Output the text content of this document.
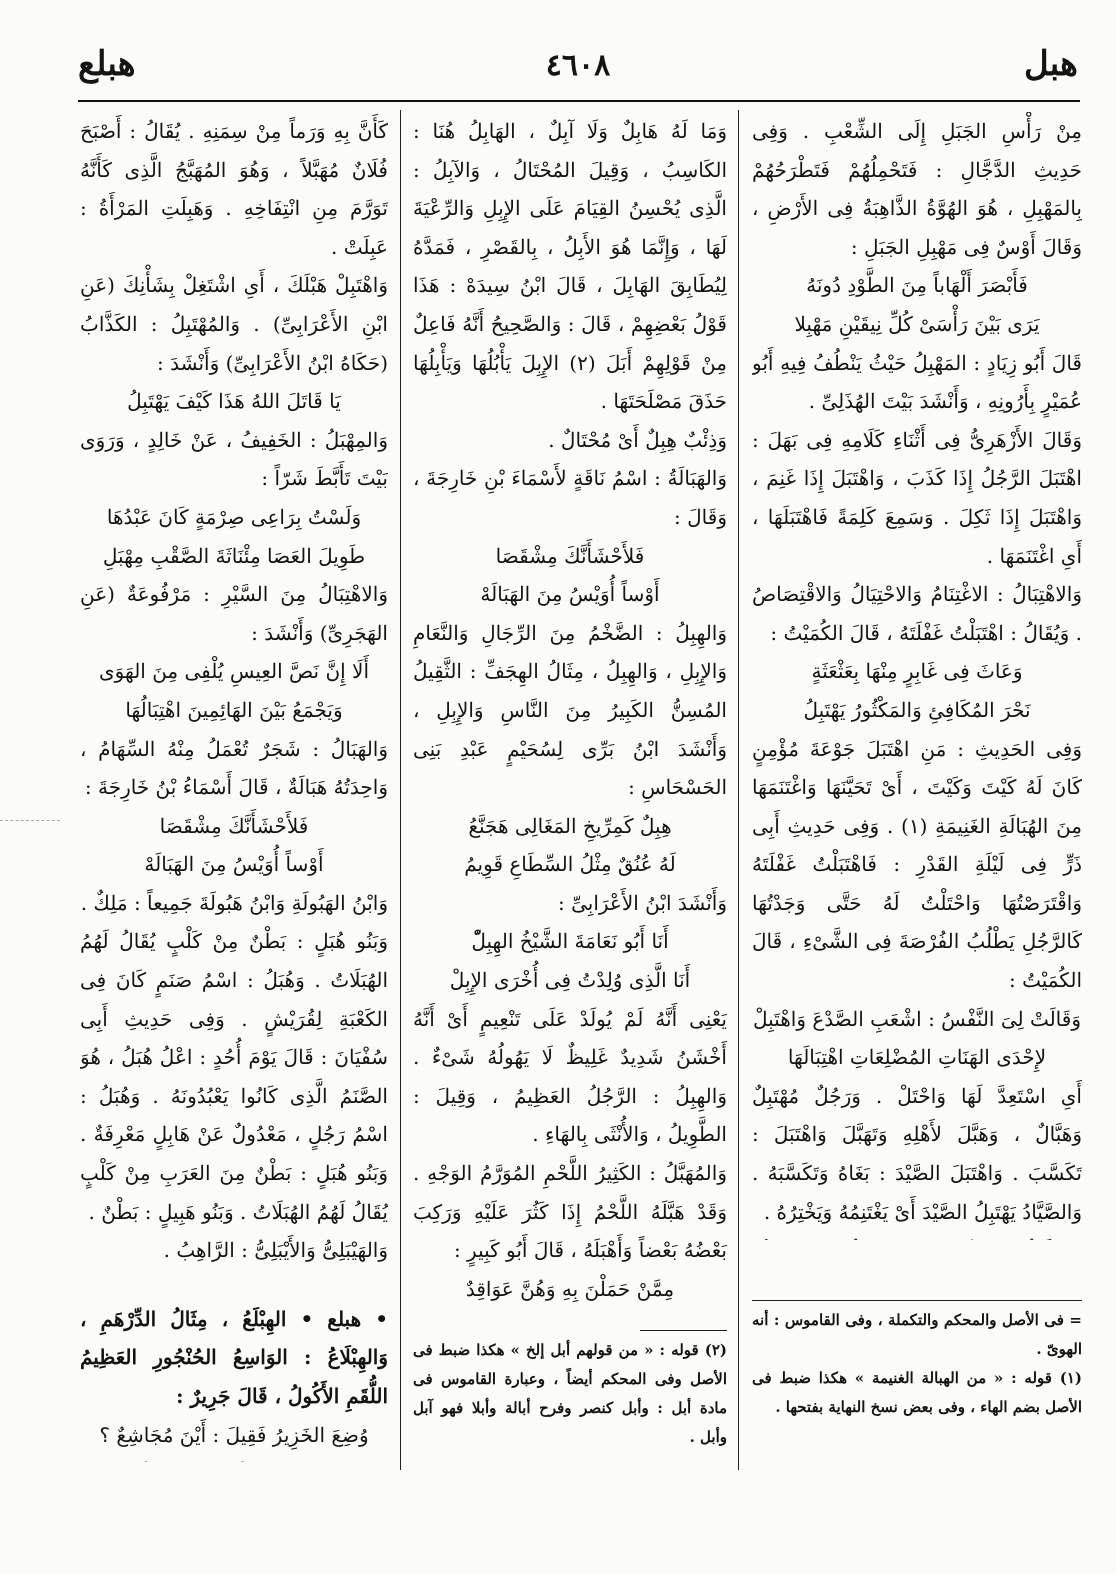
هبل
٤٦٠٨
هبلع

مِنْ رَأْسِ الجَبَلِ إِلَى الشِّعْبِ . وَفِى حَدِيثِ الدَّجَّالِ : فَتَحْمِلُهُمْ فَتَطْرَحُهُمْ بِالمَهْبِلِ ، هُوَ الهُوَّةُ الذَّاهِبَةُ فِى الأَرْضِ ، وَقَالَ أَوْسٌ فِى مَهْبِلِ الجَبَلِ :

فَأَبْصَرَ أَلْهَاباً مِنَ الطَّوْدِ دُونَهُ

يَرَى بَيْنَ رَأْسَىْ كُلِّ نِيقَيْنِ مَهْبِلا

قَالَ أَبُو زِيَادٍ : المَهْبِلُ حَيْثُ يَنْطُفُ فِيهِ أَبُو عُمَيْرٍ بِأَرُونِهِ ، وَأَنْشَدَ بَيْتَ الهُذَلِىِّ .

وَقَالَ الأَزْهَرِىُّ فِى أَثْنَاءِ كَلَامِهِ فِى بَهَلَ : اهْتَبَلَ الرَّجُلُ إِذَا كَذَبَ ، وَاهْتَبَلَ إِذَا غَنِمَ ، وَاهْتَبَلَ إِذَا ثَكِلَ . وَسَمِعَ كَلِمَةً فَاهْتَبَلَهَا ، أَىِ اغْتَنَمَهَا .

وَالاهْتِبَالُ : الاغْتِنَامُ وَالاحْتِيَالُ وَالاقْتِصَاصُ . وَيُقَالُ : اهْتَبَلْتُ غَفْلَتَهُ ، قَالَ الكُمَيْتُ :

وَعَاثَ فِى غَابِرٍ مِنْهَا بِعَثْعَثَةٍ

نَحْرَ المُكَافِئِ وَالمَكْثُورُ يَهْتَبِلُ

وَفِى الحَدِيثِ : مَنِ اهْتَبَلَ جَوْعَةَ مُؤْمِنٍ كَانَ لَهُ كَيْتَ وَكَيْتَ ، أَىْ تَحَيَّنَهَا وَاغْتَنَمَهَا مِنَ الهُبَالَةِ الغَنِيمَةِ (١) . وَفِى حَدِيثِ أَبِى ذَرٍّ فِى لَيْلَةِ القَدْرِ : فَاهْتَبَلْتُ غَفْلَتَهُ وَاقْتَرَصْتُهَا وَاحْتَلْتُ لَهُ حَتَّى وَجَدْتُهَا كَالرَّجُلِ يَطْلُبُ الفُرْصَةَ فِى الشَّىْءِ ، قَالَ الكُمَيْتُ :

وَقَالَتْ لِىَ النَّفْسُ : اشْعَبِ الصَّدْعَ وَاهْتَبِلْ

لإِحْدَى الهَنَاتِ المُضْلِعَاتِ اهْتِبَالَهَا

أَىِ اسْتَعِدَّ لَهَا وَاحْتَلْ . وَرَجُلٌ مُهْتَبِلٌ وَهَبَّالٌ ، وَهَبَّلَ لأَهْلِهِ وَتَهَبَّلَ وَاهْتَبَلَ : تَكَسَّبَ . وَاهْتَبَلَ الصَّيْدَ : بَغَاهُ وَتَكَسَّبَهُ . وَالصَّيَّادُ يَهْتَبِلُ الصَّيْدَ أَىْ يَغْتَنِمُهُ وَيَخْتِرُهُ .

= فى الأصل والمحكم والتكملة ، وفى القاموس : أنه الهوىّ .

(١) قوله : « من الهبالة الغنيمة » هكذا ضبط فى الأصل بضم الهاء ، وفى بعض نسخ النهاية بفتحها .

وَمَا لَهُ هَابِلٌ وَلَا آبِلٌ ، الهَابِلُ هُنَا : الكَاسِبُ ، وَقِيلَ المُحْتَالُ ، وَالآبِلُ : الَّذِى يُحْسِنُ القِيَامَ عَلَى الإِبِلِ وَالرِّعْيَةَ لَهَا ، وَإِنَّمَا هُوَ الأَبِلُ ، بِالقَصْرِ ، فَمَدَّهُ لِيُطَابِقَ الهَابِلَ ، قَالَ ابْنُ سِيدَهْ : هَذَا قَوْلُ بَعْضِهِمْ ، قَالَ : وَالصَّحِيحُ أَنَّهُ فَاعِلٌ مِنْ قَوْلِهِمْ أَبَلَ (٢) الإِبِلَ يَأْبُلُهَا وَيَأْبِلُهَا حَذَقَ مَصْلَحَتَهَا .

وَذِئْبٌ هِبِلٌ أَىْ مُحْتَالٌ .

وَالهَبَالَةُ : اسْمُ نَاقَةٍ لأَسْمَاءَ بْنِ خَارِجَةَ ، وَقَالَ :

فَلأَحْشَأَنَّكَ مِشْقَصَا

أَوْساً أُوَيْسُ مِنَ الهَبَالَهْ

وَالهِبِلُ : الضَّخْمُ مِنَ الرِّجَالِ وَالنَّعَامِ وَالإِبِلِ ، وَالهِبِلُ ، مِثَالُ الهِجَفِّ : الثَّقِيلُ المُسِنُّ الكَبِيرُ مِنَ النَّاسِ وَالإِبِلِ ، وَأَنْشَدَ ابْنُ بَرِّى لِسُحَيْمٍ عَبْدِ بَنِى الحَسْحَاسِ :

هِبِلٌ كَمِرِّيخِ المَغَالِى هَجَنَّعُ

لَهُ عُنُقٌ مِثْلُ السِّطَاعِ قَوِيمُ

وَأَنْشَدَ ابْنُ الأَعْرَابِىِّ :

أَنَا أَبُو نَعَامَةَ الشَّيْخُ الهِبِلّْ

أَنَا الَّذِى وُلِدْتُ فِى أُخْرَى الإِبِلْ

يَعْنِى أَنَّهُ لَمْ يُولَدْ عَلَى تَنْعِيمٍ أَىْ أَنَّهُ أَخْشَنُ شَدِيدٌ غَلِيظٌ لَا يَهُولُهُ شَىْءٌ . وَالهِبِلُ : الرَّجُلُ العَظِيمُ ، وَقِيلَ : الطَّوِيلُ ، وَالأُنْثَى بِالهَاءِ .

وَالمُهَبَّلُ : الكَثِيرُ اللَّحْمِ المُوَرَّمُ الوَجْهِ . وَقَدْ هَبَّلَهُ اللَّحْمُ إِذَا كَثُرَ عَلَيْهِ وَرَكِبَ بَعْضُهُ بَعْضاً وَأَهْبَلَهُ ، قَالَ أَبُو كَبِيرٍ :

مِمَّنْ حَمَلْنَ بِهِ وَهُنَّ عَوَاقِدٌ

(٢) قوله : « من قولهم أبل إلخ » هكذا ضبط فى الأصل وفى المحكم أيضاً ، وعبارة القاموس فى مادة أبل : وأبل كنصر وفرح أبالة وأبلا فهو آبل وأبل .

كَأَنَّ بِهِ وَرَماً مِنْ سِمَنِهِ . يُقَالُ : أَصْبَحَ فُلَانٌ مُهَبَّلاً ، وَهُوَ المُهَبَّجُ الَّذِى كَأَنَّهُ تَوَرَّمَ مِنِ انْتِفَاخِهِ . وَهَبِلَتِ المَرْأَةُ : عَبِلَتْ .

وَاهْتَبِلْ هَبْلَكَ ، أَىِ اشْتَغِلْ بِشَأْنِكَ (عَنِ ابْنِ الأَعْرَابِىِّ) . وَالمُهْتَبِلُ : الكَذَّابُ (حَكَاهُ ابْنُ الأَعْرَابِىِّ) وَأَنْشَدَ :

يَا قَاتَلَ اللهُ هَذَا كَيْفَ يَهْتَبِلُ

وَالمِهْبَلُ : الخَفِيفُ ، عَنْ خَالِدٍ ، وَرَوَى بَيْتَ تَأَبَّطَ شَرّاً :

وَلَسْتُ بِرَاعِى صِرْمَةٍ كَانَ عَبْدُهَا

طَوِيلَ العَصَا مِئْنَاثَةَ الصَّقْبِ مِهْبَلِ

وَالاهْتِبَالُ مِنَ السَّيْرِ : مَرْفُوعَةٌ (عَنِ الهَجَرِىِّ) وَأَنْشَدَ :

أَلَا إِنَّ نَصَّ العِيسِ يُلْفِى مِنَ الهَوَى

وَيَجْمَعُ بَيْنَ الهَائِمِينَ اهْتِبَالُهَا

وَالهَبَالُ : شَجَرٌ تُعْمَلُ مِنْهُ السِّهَامُ ، وَاحِدَتُهُ هَبَالَةٌ ، قَالَ أَسْمَاءُ بْنُ خَارِجَةَ :

فَلأَحْشَأَنَّكَ مِشْقَصَا

أَوْساً أُوَيْسُ مِنَ الهَبَالَهْ

وَابْنُ الهَبُولَةِ وَابْنُ هَبُولَةَ جَمِيعاً : مَلِكٌ .

وَبَنُو هُبَلٍ : بَطْنٌ مِنْ كَلْبٍ يُقَالُ لَهُمُ الهُبَلَاتُ . وَهُبَلُ : اسْمُ صَنَمٍ كَانَ فِى الكَعْبَةِ لِقُرَيْشٍ . وَفِى حَدِيثِ أَبِى سُفْيَانَ : قَالَ يَوْمَ أُحُدٍ : اعْلُ هُبَلُ ، هُوَ الصَّنَمُ الَّذِى كَانُوا يَعْبُدُونَهُ . وَهُبَلُ : اسْمُ رَجُلٍ ، مَعْدُولٌ عَنْ هَابِلٍ مَعْرِفَةٌ . وَبَنُو هُبَلٍ : بَطْنٌ مِنَ العَرَبِ مِنْ كَلْبٍ يُقَالُ لَهُمُ الهُبَلَاتُ . وَبَنُو هَبِيلٍ : بَطْنٌ .

وَالهَيْبَلِىُّ وَالأَيْبَلِىُّ : الرَّاهِبُ .

• هبلع • الهِبْلَعُ ، مِثَالُ الدِّرْهَمِ ، وَالهِبْلَاعُ : الوَاسِعُ الحُنْجُورِ العَظِيمُ اللُّقَمِ الأَكُولُ ، قَالَ جَرِيرٌ :

وُضِعَ الخَزِيرُ فَقِيلَ : أَيْنَ مُجَاشِعٌ ؟
